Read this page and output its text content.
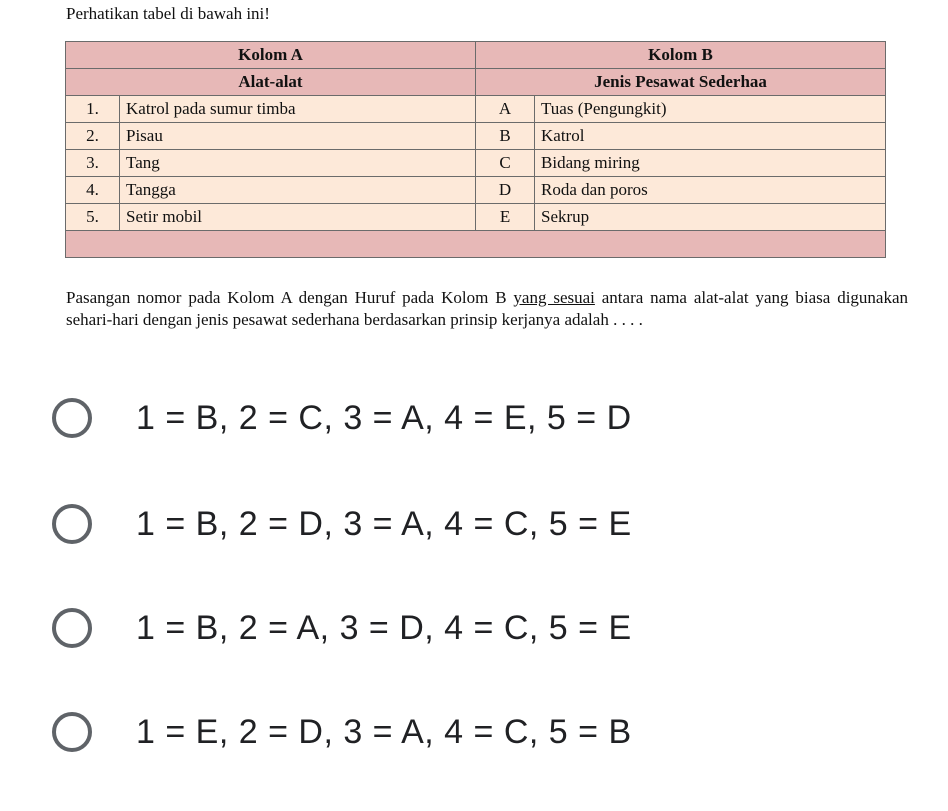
Perhatikan tabel di bawah ini!
Kolom A		Kolom B	
Alat-alat		Jenis Pesawat Sederhaa	
1.	Katrol pada sumur timba	A	Tuas (Pengungkit)
2.	Pisau	B	Katrol
3.	Tang	C	Bidang miring
4.	Tangga	D	Roda dan poros
5.	Setir mobil	E	Sekrup

Pasangan nomor pada Kolom A dengan Huruf pada Kolom B yang sesuai antara nama alat-alat yang biasa digunakan sehari-hari dengan jenis pesawat sederhana berdasarkan prinsip kerjanya adalah . . . .
1 = B, 2 = C, 3 = A, 4 = E, 5 = D
1 = B, 2 = D, 3 = A, 4 = C, 5 = E
1 = B, 2 = A, 3 = D, 4 = C, 5 = E
1 = E, 2 = D, 3 = A, 4 = C, 5 = B
